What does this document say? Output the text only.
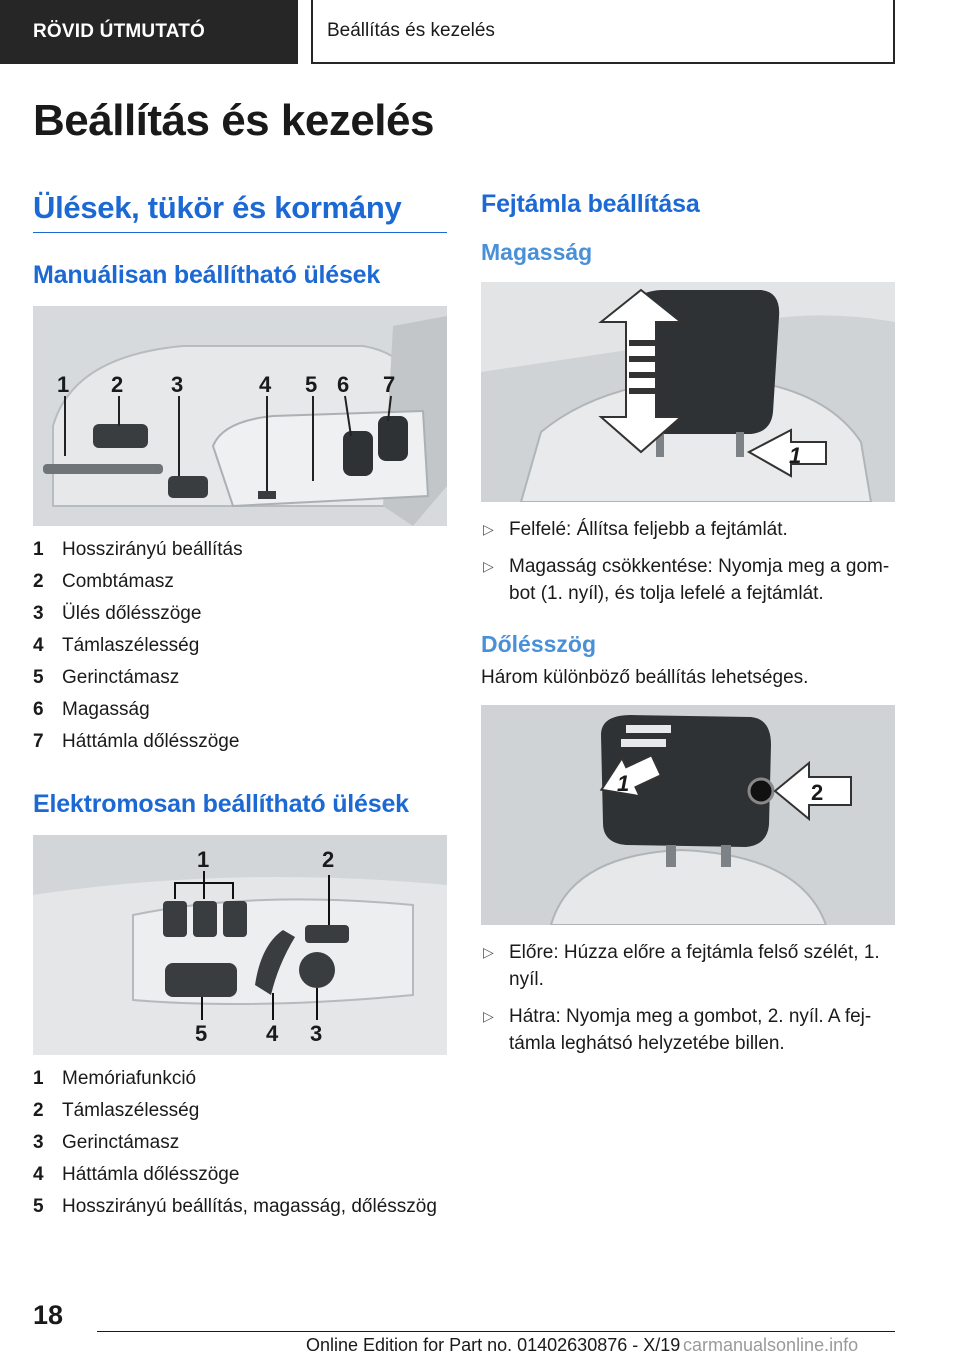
RÖVID ÚTMUTATÓ	Beállítás és kezelés
Beállítás és kezelés
Ülések, tükör és kormány
Manuálisan beállítható ülések
1 2 3	4 5 6 7
1 Hosszirányú beállítás
2 Combtámasz
3 Ülés dőlésszöge
4 Támlaszélesség
5 Gerinctámasz
6 Magasság
7 Háttámla dőlésszöge
Elektromosan beállítható ülések
1	2
3
4
5
1 Memóriafunkció
2 Támlaszélesség
3 Gerinctámasz
4 Háttámla dőlésszöge
5 Hosszirányú beállítás, magasság, dőlésszög
Fejtámla beállítása
Magasság
1
▷ Felfelé: Állítsa feljebb a fejtámlát.
▷ Magasság csökkentése: Nyomja meg a gom-bot (1. nyíl), és tolja lefelé a fejtámlát.
Dőlésszög

Három különböző beállítás lehetséges.

1	2
▷ Előre: Húzza előre a fejtámla felső szélét, 1. nyíl.
▷ Hátra: Nyomja meg a gombot, 2. nyíl. A fej-támla leghátsó helyzetébe billen.

18

Online Edition for Part no. 01402630876 - X/19 carmanualsonline.info
